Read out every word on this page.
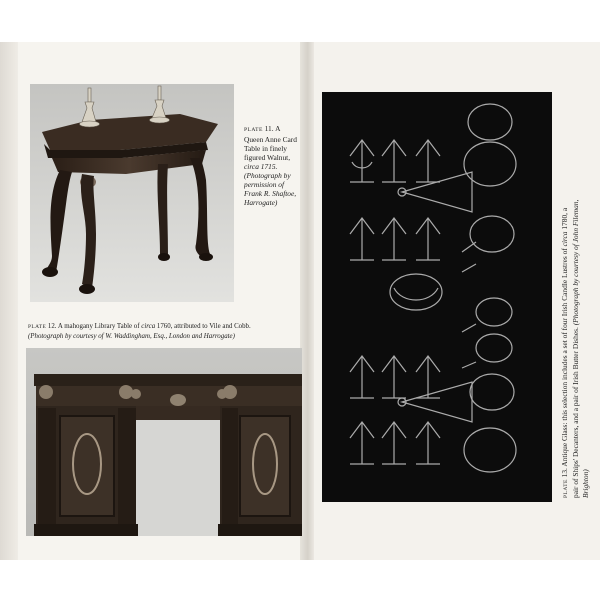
PLATE 11. A
Queen Anne Card
Table in finely
figured Walnut,
circa 1715.
(Photograph by
permission of
Frank R. Shaftoe,
Harrogate)
PLATE 12. A mahogany Library Table of circa 1760, attributed to Vile and Cobb.
(Photograph by courtesy of W. Waddingham, Esq., London and Harrogate)
PLATE 13. Antique Glass: this selection includes a set of four Irish Candle Lustres of circa 1780, a
pair of Ships' Decanters, and a pair of Irish Butter Dishes. (Photograph by courtesy of John Fileman,
Brighton)
